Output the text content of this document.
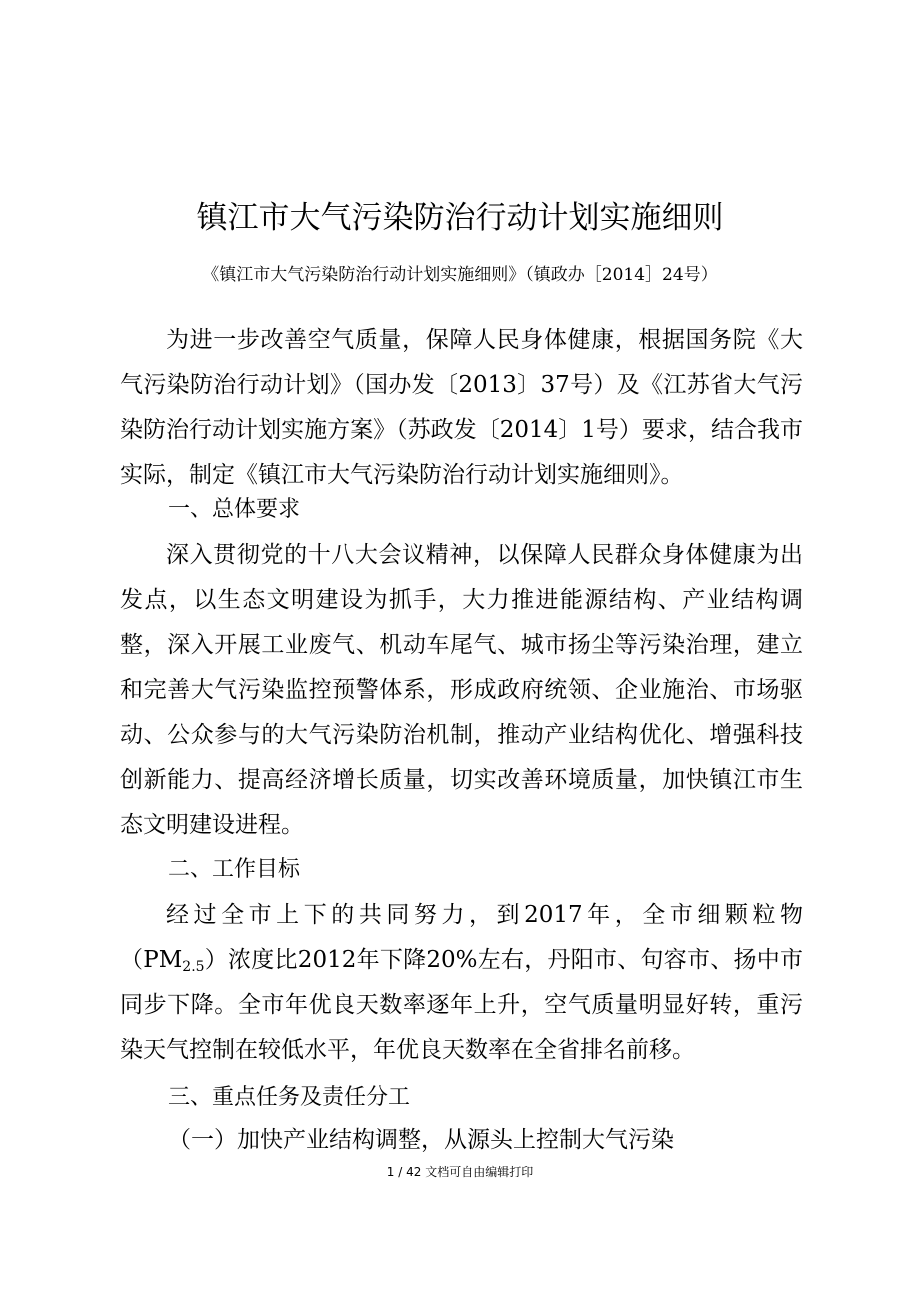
镇江市大气污染防治行动计划实施细则
《镇江市大气污染防治行动计划实施细则》（镇政办［2014］24号）
为进一步改善空气质量，保障人民身体健康，根据国务院《大气污染防治行动计划》（国办发〔2013〕37号）及《江苏省大气污染防治行动计划实施方案》（苏政发〔2014〕1号）要求，结合我市实际，制定《镇江市大气污染防治行动计划实施细则》。
一、总体要求
深入贯彻党的十八大会议精神，以保障人民群众身体健康为出发点，以生态文明建设为抓手，大力推进能源结构、产业结构调整，深入开展工业废气、机动车尾气、城市扬尘等污染治理，建立和完善大气污染监控预警体系，形成政府统领、企业施治、市场驱动、公众参与的大气污染防治机制，推动产业结构优化、增强科技创新能力、提高经济增长质量，切实改善环境质量，加快镇江市生态文明建设进程。
二、工作目标
经过全市上下的共同努力，到2017年，全市细颗粒物$(PM_{2.5})$浓度比2012年下降20%左右，丹阳市、句容市、扬中市同步下降。全市年优良天数率逐年上升，空气质量明显好转，重污染天气控制在较低水平，年优良天数率在全省排名前移。
三、重点任务及责任分工
（一）加快产业结构调整，从源头上控制大气污染
1 / 42 文档可自由编辑打印
